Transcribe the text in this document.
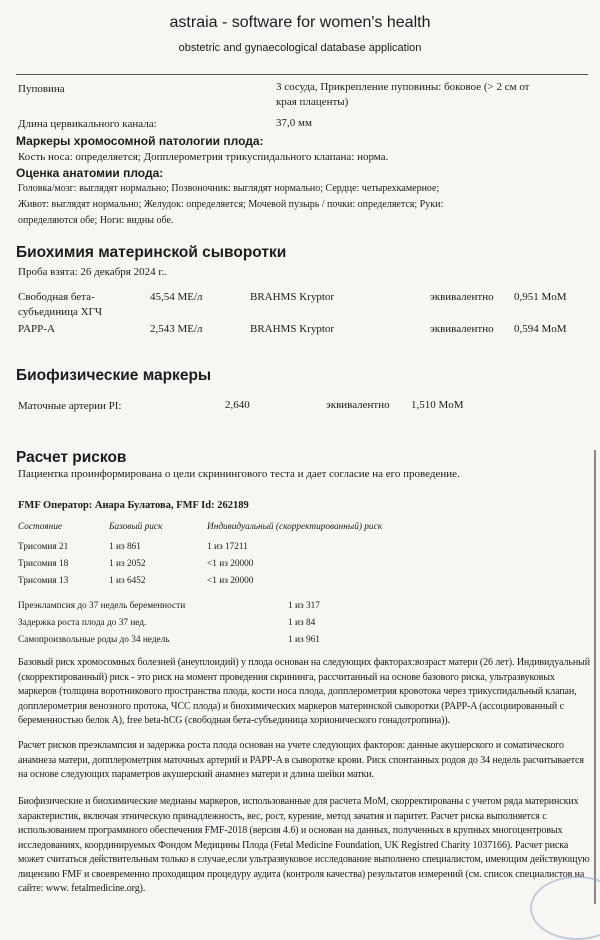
astraia - software for women's health
obstetric and gynaecological database application
Пуповина	3 сосуда, Прикрепление пуповины: боковое (> 2 см от
края плаценты)
Длина цервикального канала:	37,0 мм
Маркеры хромосомной патологии плода:
Кость носа: определяется; Допплерометрия трикуспидального клапана: норма.
Оценка анатомии плода:
Головка/мозг: выглядят нормально; Позвоночник: выглядят нормально; Сердце: четырехкамерное;
Живот: выглядят нормально; Желудок: определяется; Мочевой пузырь / почки: определяется; Руки:
определяются обе; Ноги: видны обе.
Биохимия материнской сыворотки
Проба взята: 26 декабря 2024 г..
Свободная бета-
субъединица ХГЧ
45,54 МЕ/л	BRAHMS Kryptor	эквивалентно 0,951 MoM
PAPP-A	2,543 МЕ/л	BRAHMS Kryptor	эквивалентно 0,594 MoM
Биофизические маркеры
Маточные артерии PI:	2,640	эквивалентно 1,510 MoM
Расчет рисков
Пациентка проинформирована о цели скринингового теста и дает согласие на его проведение.
FMF Оператор: Анара Булатова, FMF Id: 262189
Состояние	Базовый риск	Индивидуальный (скорректированный) риск
Трисомия 21	1 из 861	1 из 17211
Трисомия 18	1 из 2052	<1 из 20000
Трисомия 13	1 из 6452	<1 из 20000
Преэклампсия до 37 недель беременности	1 из 317
Задержка роста плода до 37 нед.	1 из 84
Самопроизвольные роды до 34 недель	1 из 961
Базовый риск хромосомных болезней (анеуплоидий) у плода основан на следующих факторах:возраст матери (26 лет). Индивидуальный (скорректированный) риск - это риск на момент проведения скрининга, рассчитанный на основе базового риска, ультразвуковых маркеров (толщина воротникового пространства плода, кости носа плода, допплерометрия кровотока через трикуспидальный клапан, допплерометрия венозного протока, ЧСС плода) и биохимических маркеров материнской сыворотки (PAPP-A (ассоциированный с беременностью белок А), free beta-hCG (свободная бета-субъединица хорионического гонадотропина)).
Расчет рисков преэклампсия и задержка роста плода основан на учете следующих факторов: данные акушерского и соматического анамнеза матери, допплерометрия маточных артерий и PAPP-A в сыворотке крови. Риск спонтанных родов до 34 недель расчитывается на основе следующих параметров акушерский анамнез матери и длина шейки матки.
Биофизические и биохимические медианы маркеров, использованные для расчета MoM, скорректированы с учетом ряда материнских характеристик, включая этническую принадлежность, вес, рост, курение, метод зачатия и паритет. Расчет риска выполняется с использованием программного обеспечения FMF-2018 (версия 4.6) и основан на данных, полученных в крупных многоцентровых исследованиях, координируемых Фондом Медицины Плода (Fetal Medicine Foundation, UK Registred Charity 1037166). Расчет риска может считаться действительным только в случае,если ультразвуковое исследование выполнено специалистом, имеющим действующую лицензию FMF и своевременно проходящим процедуру аудита (контроля качества) результатов измерений (см. список специалистов на сайте: www. fetalmedicine.org).
